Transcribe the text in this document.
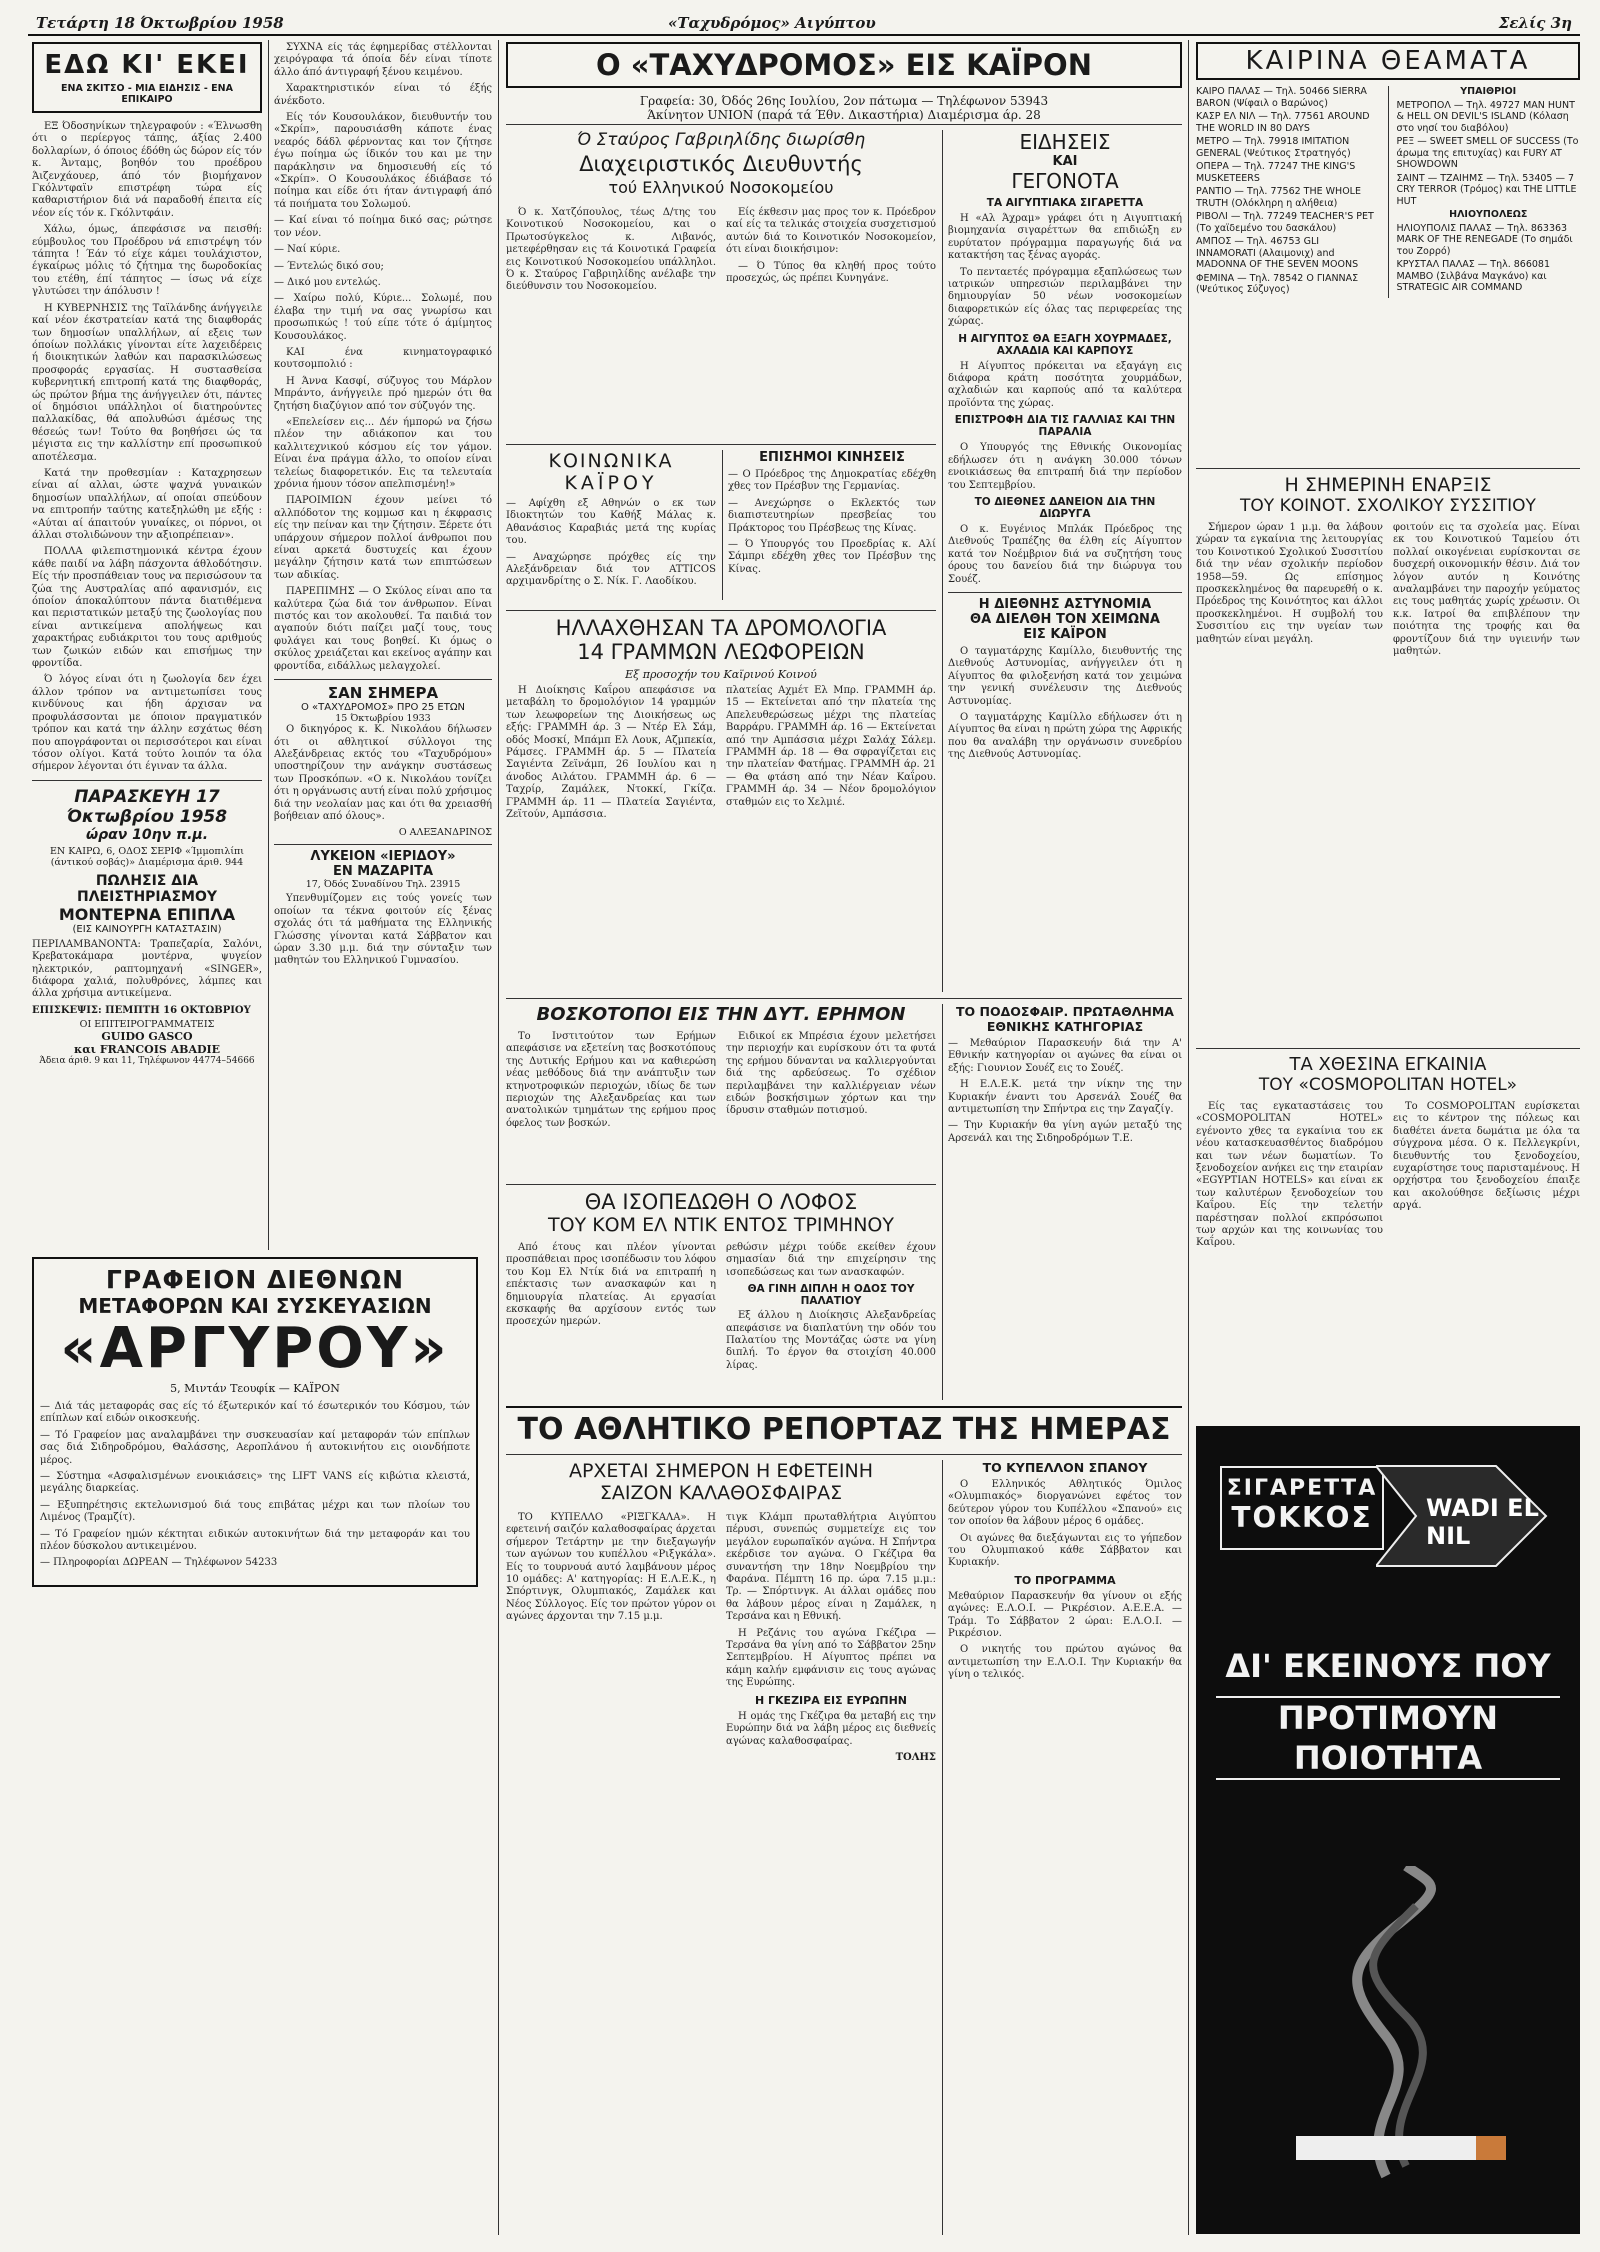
Τετάρτη 18 Όκτωβρίου 1958	«Ταχυδρόμος» Αιγύπτου	Σελίς 3η
ΕΔΩ ΚΙ' ΕΚΕΙ
ΕΝΑ ΣΚΙΤΣΟ - ΜΙΑ ΕΙΔΗΣΙΣ - ΕΝΑ ΕΠΙΚΑΙΡΟ

ΕΞ Όδοσηνίκων τηλεγραφούν : «Έλνωσθη ότι ο περίεργος τάπης, άξίας 2.400 δολλαρίων, ό όποιος έδόθη ώς δώρον είς τόν κ. Άνταμς, βοηθόν του προέδρου Άιζενχάουερ, άπό τόν βιομήχανον Γκόλντφαϊν επιστρέφη τώρα είς καθαριστήριον διά νά παραδοθή έπειτα είς νέον είς τόν κ. Γκόλντφάιν.

Χάλω, όμως, άπεφάσισε να πεισθή: εύμβουλος του Προέδρου νά επιστρέψη τόν τάπητα ! Έάν τό είχε κάμει τουλάχιστον, έγκαίρως μόλις τό ζήτημα της δωροδοκίας του ετέθη, έπί τάπητος — ίσως νά είχε γλυτώσει την άπόλυσιν !

Η ΚΥΒΕΡΝΗΣΙΣ της Ταϊλάνδης άνήγγειλε καί νέον έκστρατείαν κατά της διαφθοράς των δημοσίων υπαλλήλων, αί εξεις των όποίων πολλάκις γίνονται είτε λαχειδέρεις ή διοικητικών λαθών και παρασκιλώσεως προσφοράς εργασίας. Η συστασθείσα κυβερνητική επιτροπή κατά της διαφθοράς, ώς πρώτον βήμα της άνήγγειλεν ότι, πάντες οί δημόσιοι υπάλληλοι οί διατηρούντες παλλακίδας, θά απολυθώσι άμέσως της θέσεώς των! Τούτο θα βοηθήσει ώς τα μέγιστα εις την καλλίστην επί προσωπικού αποτέλεσμα.

Κατά την προθεσμίαν : Καταχρησεων είναι αί αλλαι, ώστε ψαχνά γυναικών δημοσίων υπαλλήλων, αί οποίαι σπεύδουν να επιτροπήν ταύτης κατεξηλώθη με εξής : «Αύται αί άπαιτούν γυναίκες, οι πόρνοι, οι άλλαι στολιδώνουν την αξιοπρέπειαν».

ΠΟΛΛΑ φιλεπιστημονικά κέντρα έχουν κάθε παιδί να λάβη πάσχοντα άθλοδότησιν. Είς τήν προσπάθειαν τους να περισώσουν τα ζώα της Αυστραλίας από αφανισμόν, εις όποίον άποκαλύπτουν πάντα διατιθέμενα και περιστατικών μεταξύ της ζωολογίας που είναι αντικείμενα απολήψεως και χαρακτήρας ευδιάκριτοι του τους αριθμούς των ζωικών ειδών και επισήμως την φροντίδα.

Ό λόγος είναι ότι η ζωολογία δεν έχει άλλον τρόπον να αντιμετωπίσει τους κινδύνους και ήδη άρχισαν να προφυλάσσονται με όποιον πραγματικόν τρόπον και κατά την άλλην εσχάτως θέση που απογράφονται οι περισσότεροι και είναι τόσον ολίγοι. Κατά τούτο λοιπόν τα όλα σήμερον λέγονται ότι έγιναν τα άλλα.

ΠΑΡΑΣΚΕΥΗ 17 Όκτωβρίου 1958
ώραν 10ην π.μ.
ΕΝ ΚΑΙΡΩ, 6, ΟΔΟΣ ΣΕΡΙΦ «Ίμμοπιλίπι (άντικού σοβάς)» Διαμέρισμα άριθ. 944
ΠΩΛΗΣΙΣ ΔΙΑ ΠΛΕΙΣΤΗΡΙΑΣΜΟΥ
ΜΟΝΤΕΡΝΑ ΕΠΙΠΛΑ
(ΕΙΣ ΚΑΙΝΟΥΡΓΗ ΚΑΤΑΣΤΑΣΙΝ)

ΠΕΡΙΛΑΜΒΑΝΟΝΤΑ: Τραπεζαρία, Σαλόνι, Κρεβατοκάμαρα μοντέρνα, ψυγείον ηλεκτρικόν, ραπτομηχανή «SINGER», διάφορα χαλιά, πολυθρόνες, λάμπες και άλλα χρήσιμα αντικείμενα.

ΕΠΙΣΚΕΨΙΣ: ΠΕΜΠΤΗ 16 ΟΚΤΩΒΡΙΟΥ
ΟΙ ΕΠΙΤΕΙΡΟΓΡΑΜΜΑΤΕΙΣ
GUIDO GASCO
και FRANCOIS ABADIE
Άδεια άριθ. 9 και 11, Τηλέφωνον 44774–54666

ΣΥΧΝΑ είς τάς έφημερίδας στέλλονται χειρόγραφα τά όποία δέν είναι τίποτε άλλο άπό άντιγραφή ξένου κειμένου.

Χαρακτηριστικόν είναι τό έξής άνέκδοτο.

Είς τόν Κουσουλάκον, διευθυντήν του «Σκρίπ», παρουσιάσθη κάποτε ένας νεαρός δάδλ φέρνοντας και τον ζήτησε έγω ποίημα ώς ίδικόν του και με την παράκλησιν να δημοσιευθή είς τό «Σκρίπ». Ο Κουσουλάκος έδιάβασε τό ποίημα και είδε ότι ήταν άντιγραφή άπό τά ποιήματα του Σολωμού.

— Καί είναι τό ποίημα δικό σας; ρώτησε τον νέον.

— Ναί κύριε.

— Έντελώς δικό σου;

— Δικό μου εντελώς.

— Χαίρω πολύ, Κύριε... Σολωμέ, που έλαβα την τιμή να σας γνωρίσω και προσωπικώς ! τού είπε τότε ό άμίμητος Κουσουλάκος.

ΚΑΙ ένα κινηματογραφικό κουτσομπολιό :

Η Άννα Κασφί, σύζυγος του Μάρλον Μπράντο, άνήγγειλε πρό ημερών ότι θα ζητήση διαζύγιον από τον σύζυγόν της.

«Επελείσεν εις... Δέν ήμπορώ να ζήσω πλέον την αδιάκοπον και του καλλιτεχνικού κόσμου είς τον γάμον. Είναι ένα πράγμα άλλο, το οποίον είναι τελείως διαφορετικόν. Εις τα τελευταία χρόνια ήμουν τόσον απελπισμένη!»

ΠΑΡΟΙΜΙΩΝ έχουν μείνει τό αλλπόδοτον της κομμωσ και η έκφρασις είς την πείναν και την ζήτησιν. Ξέρετε ότι υπάρχουν σήμερον πολλοί άνθρωποι που είναι αρκετά δυστυχείς και έχουν μεγάλην ζήτησιν κατά των επιπτώσεων των αδικίας.

ΠΑΡΕΠΙΜΗΣ — Ο Σκύλος είναι απο τα καλύτερα ζώα διά τον άνθρωπον. Είναι πιστός και τον ακολουθεί. Τα παιδιά τον αγαπούν διότι παίζει μαζί τους, τους φυλάγει και τους βοηθεί. Κι όμως ο σκύλος χρειάζεται και εκείνος αγάπην και φροντίδα, ειδάλλως μελαγχολεί.

ΣΑΝ ΣΗΜΕΡΑ
Ο «ΤΑΧΥΔΡΟΜΟΣ» ΠΡΟ 25 ΕΤΩΝ
15 Όκτωβρίου 1933

Ο δικηγόρος κ. Κ. Νικολάου δήλωσεν ότι οι αθλητικοί σύλλογοι της Αλεξάνδρειας εκτός του «Ταχυδρόμου» υποστηρίζουν την ανάγκην συστάσεως των Προσκόπων. «Ο κ. Νικολάου τονίζει ότι η οργάνωσις αυτή είναι πολύ χρήσιμος διά την νεολαίαν μας και ότι θα χρειασθή βοήθειαν από όλους».

Ο ΑΛΕΞΑΝΔΡΙΝΟΣ
ΛΥΚΕΙΟΝ «ΙΕΡΙΔΟΥ»
ΕΝ ΜΑΖΑΡΙΤΑ
17, Όδός Συναδίνου Τηλ. 23915

Υπενθυμίζομεν εις τούς γονείς των οποίων τα τέκνα φοιτούν είς ξένας σχολάς ότι τά μαθήματα της Ελληνικής Γλώσσης γίνονται κατά Σάββατον και ώραν 3.30 μ.μ. διά την σύνταξιν των μαθητών του Ελληνικού Γυμνασίου.

ΓΡΑΦΕΙΟΝ ΔΙΕΘΝΩΝ
ΜΕΤΑΦΟΡΩΝ ΚΑΙ ΣΥΣΚΕΥΑΣΙΩΝ
«ΑΡΓΥΡΟΥ»
5, Μιντάν Τεουφίκ — ΚΑΪΡΟΝ

— Διά τάς μεταφοράς σας είς τό έξωτερικόν καί τό έσωτερικόν του Κόσμου, τών επίπλων καί ειδών οικοσκευής.

— Τό Γραφείον μας αναλαμβάνει την συσκευασίαν καί μεταφοράν τών επίπλων σας διά Σιδηροδρόμου, Θαλάσσης, Αεροπλάνου ή αυτοκινήτου εις οιονδήποτε μέρος.

— Σύστημα «Ασφαλισμένων ενοικιάσεις» της LIFT VANS είς κιβώτια κλειστά, μεγάλης διαρκείας.

— Εξυπηρέτησις εκτελωνισμού διά τους επιβάτας μέχρι και των πλοίων του Λιμένος (Τραμζίτ).

— Τό Γραφείον ημών κέκτηται ειδικών αυτοκινήτων διά την μεταφοράν και του πλέον δύσκολου αντικειμένου.

— Πληροφορίαι ΔΩΡΕΑΝ — Τηλέφωνον 54233

Ο «ΤΑΧΥΔΡΟΜΟΣ» ΕΙΣ ΚΑΪΡΟΝ
Γραφεία: 30, Όδός 26ης Ιουλίου, 2ον πάτωμα — Τηλέφωνον 53943
Άκίνητον UNION (παρά τά Έθν. Δικαστήρια) Διαμέρισμα άρ. 28
Ό Σταύρος Γαβριηλίδης διωρίσθη
Διαχειριστικός Διευθυντής
τού Ελληνικού Νοσοκομείου

Ό κ. Χατζόπουλος, τέως Δ/της του Κοινοτικού Νοσοκομείου, και ο Πρωτοσύγκελος κ. Λιβανός, μετεφέρθησαν εις τά Κοινοτικά Γραφεία εις Κοινοτικού Νοσοκομείου υπάλληλοι. Ό κ. Σταύρος Γαβριηλίδης ανέλαβε την διεύθυνσιν του Νοσοκομείου.

Είς έκθεσιν μας προς τον κ. Πρόεδρον καί είς τα τελικάς στοιχεία συσχετισμού αυτών διά το Κοινοτικόν Νοσοκομείον, ότι είναι διοικήσιμον:

— Ό Τύπος θα κληθή προς τούτο προσεχώς, ώς πρέπει Κυνηγάνε.

ΚΟΙΝΩΝΙΚΑ
ΚΑΪΡΟΥ

— Αφίχθη εξ Αθηνών ο εκ των Ιδιοκτητών του Καθήξ Μάλας κ. Αθανάσιος Καραβιάς μετά της κυρίας του.

— Αναχώρησε πρόχθες είς την Αλεξάνδρειαν διά τον ATTICOS αρχιμανδρίτης ο Σ. Νίκ. Γ. Λαοδίκου.

ΕΠΙΣΗΜΟΙ ΚΙΝΗΣΕΙΣ

— Ο Πρόεδρος της Δημοκρατίας εδέχθη χθες τον Πρέσβυν της Γερμανίας.

— Ανεχώρησε ο Εκλεκτός των διαπιστευτηρίων πρεσβείας του Πράκτορος του Πρέσβεως της Κίνας.

— Ό Υπουργός του Προεδρίας κ. Αλί Σάμπρι εδέχθη χθες τον Πρέσβυν της Κίνας.

ΗΛΛΑΧΘΗΣΑΝ ΤΑ ΔΡΟΜΟΛΟΓΙΑ
14 ΓΡΑΜΜΩΝ ΛΕΩΦΟΡΕΙΩΝ
Εξ προσοχήν του Καϊρινού Κοινού

Η Διοίκησις Καΐρου απεφάσισε να μεταβάλη το δρομολόγιον 14 γραμμών των λεωφορείων της Διοικήσεως ως εξής: ΓΡΑΜΜΗ άρ. 3 — Ντέρ Ελ Σάμ, οδός Μοσκί, Μπάμπ Ελ Λουκ, Αζμπεκία, Ράμσες. ΓΡΑΜΜΗ άρ. 5 — Πλατεία Σαγιέντα Ζεϊνάμπ, 26 Ιουλίου και η άνοδος Αιλάτου. ΓΡΑΜΜΗ άρ. 6 — Ταχρίρ, Ζαμάλεκ, Ντοκκί, Γκίζα. ΓΡΑΜΜΗ άρ. 11 — Πλατεία Σαγιέντα, Ζεϊτούν, Αμπάσσια.

πλατείας Αχμέτ Ελ Μπρ. ΓΡΑΜΜΗ άρ. 15 — Εκτείνεται από την πλατεία της Απελευθερώσεως μέχρι της πλατείας Βαρράρυ. ΓΡΑΜΜΗ άρ. 16 — Εκτείνεται από την Αμπάσσια μέχρι Σαλάχ Σάλεμ. ΓΡΑΜΜΗ άρ. 18 — Θα σφραγίζεται εις την πλατείαν Φατήμας. ΓΡΑΜΜΗ άρ. 21 — Θα φτάση από την Νέαν Καΐρου. ΓΡΑΜΜΗ άρ. 34 — Νέον δρομολόγιον σταθμών εις το Χελμιέ.

ΒΟΣΚΟΤΟΠΟΙ ΕΙΣ ΤΗΝ ΔΥΤ. ΕΡΗΜΟΝ

Το Ινστιτούτον των Ερήμων απεφάσισε να εξετείνη τας βοσκοτόπους της Δυτικής Ερήμου και να καθιερώση νέας μεθόδους διά την ανάπτυξιν των κτηνοτροφικών περιοχών, ιδίως δε των περιοχών της Αλεξανδρείας και των ανατολικών τμημάτων της ερήμου προς όφελος των βοσκών.

Ειδικοί εκ Μπρέσια έχουν μελετήσει την περιοχήν και ευρίσκουν ότι τα φυτά της ερήμου δύνανται να καλλιεργούνται διά της αρδεύσεως. Το σχέδιον περιλαμβάνει την καλλιέργειαν νέων ειδών βοσκήσιμων χόρτων και την ίδρυσιν σταθμών ποτισμού.

ΘΑ ΙΣΟΠΕΔΩΘΗ Ο ΛΟΦΟΣ
ΤΟΥ ΚΟΜ ΕΛ ΝΤΙΚ ΕΝΤΟΣ ΤΡΙΜΗΝΟΥ

Από έτους και πλέον γίνονται προσπάθειαι προς ισοπέδωσιν του λόφου του Κομ Ελ Ντίκ διά να επιτραπή η επέκτασις των ανασκαφών και η δημιουργία πλατείας. Αι εργασίαι εκσκαφής θα αρχίσουν εντός των προσεχών ημερών.

ρεθώσιν μέχρι τούδε εκείθεν έχουν σημασίαν διά την επιχείρησιν της ισοπεδώσεως και των ανασκαφών.

ΘΑ ΓΙΝΗ ΔΙΠΛΗ Η ΟΔΟΣ ΤΟΥ ΠΑΛΑΤΙΟΥ

Εξ άλλου η Διοίκησις Αλεξανδρείας απεφάσισε να διαπλατύνη την οδόν του Παλατίου της Μοντάζας ώστε να γίνη διπλή. Το έργον θα στοιχίση 40.000 λίρας.

ΕΙΔΗΣΕΙΣ
ΚΑΙ
ΓΕΓΟΝΟΤΑ
ΤΑ ΑΙΓΥΠΤΙΑΚΑ ΣΙΓΑΡΕΤΤΑ

Η «Αλ Άχραμ» γράφει ότι η Αιγυπτιακή βιομηχανία σιγαρέττων θα επιδιώξη εν ευρύτατον πρόγραμμα παραγωγής διά να κατακτήση τας ξένας αγοράς.

Το πενταετές πρόγραμμα εξαπλώσεως των ιατρικών υπηρεσιών περιλαμβάνει την δημιουργίαν 50 νέων νοσοκομείων διαφορετικών είς όλας τας περιφερείας της χώρας.

Η ΑΙΓΥΠΤΟΣ ΘΑ ΕΞΑΓΗ ΧΟΥΡΜΑΔΕΣ, ΑΧΛΑΔΙΑ ΚΑΙ ΚΑΡΠΟΥΣ

Η Αίγυπτος πρόκειται να εξαγάγη εις διάφορα κράτη ποσότητα χουρμάδων, αχλαδιών και καρπούς από τα καλύτερα προϊόντα της χώρας.

ΕΠΙΣΤΡΟΦΗ ΔΙΑ ΤΙΣ ΓΑΛΛΙΑΣ ΚΑΙ ΤΗΝ ΠΑΡΑΛΙΑ

Ο Υπουργός της Εθνικής Οικονομίας εδήλωσεν ότι η ανάγκη 30.000 τόνων ενοικιάσεως θα επιτραπή διά την περίοδον του Σεπτεμβρίου.

ΤΟ ΔΙΕΘΝΕΣ ΔΑΝΕΙΟΝ ΔΙΑ ΤΗΝ ΔΙΩΡΥΓΑ

Ο κ. Ευγένιος Μπλάκ Πρόεδρος της Διεθνούς Τραπέζης θα έλθη είς Αίγυπτον κατά τον Νοέμβριον διά να συζητήση τους όρους του δανείου διά την διώρυγα του Σουέζ.

Η ΔΙΕΘΝΗΣ ΑΣΤΥΝΟΜΙΑ
ΘΑ ΔΙΕΛΘΗ ΤΟΝ ΧΕΙΜΩΝΑ
ΕΙΣ ΚΑΪΡΟΝ

Ο ταγματάρχης Καμίλλο, διευθυντής της Διεθνούς Αστυνομίας, ανήγγειλεν ότι η Αίγυπτος θα φιλοξενήση κατά τον χειμώνα την γενική συνέλευσιν της Διεθνούς Αστυνομίας.

Ο ταγματάρχης Καμίλλο εδήλωσεν ότι η Αίγυπτος θα είναι η πρώτη χώρα της Αφρικής που θα αναλάβη την οργάνωσιν συνεδρίου της Διεθνούς Αστυνομίας.

ΤΟ ΠΟΔΟΣΦΑΙΡ. ΠΡΩΤΑΘΛΗΜΑ
ΕΘΝΙΚΗΣ ΚΑΤΗΓΟΡΙΑΣ

— Μεθαύριον Παρασκευήν διά την Α' Εθνικήν κατηγορίαν οι αγώνες θα είναι οι εξής: Γιουνιον Σουέζ εις το Σουέζ.

Η Ε.Λ.Ε.Κ. μετά την νίκην της την Κυριακήν έναντι του Αρσενάλ Σουέζ θα αντιμετωπίση την Σπήντρα εις την Ζαγαζίγ.

— Την Κυριακήν θα γίνη αγών μεταξύ της Αρσενάλ και της Σιδηροδρόμων Τ.Ε.

ΤΟ ΑΘΛΗΤΙΚΟ ΡΕΠΟΡΤΑΖ ΤΗΣ ΗΜΕΡΑΣ
ΑΡΧΕΤΑΙ ΣΗΜΕΡΟΝ Η ΕΦΕΤΕΙΝΗ
ΣΑΙΖΟΝ ΚΑΛΑΘΟΣΦΑΙΡΑΣ

ΤΟ ΚΥΠΕΛΛΟ «ΡΙΞΓΚΑΛΑ». Η εφετεινή σαιζόν καλαθοσφαίρας άρχεται σήμερον Τετάρτην με την διεξαγωγήν των αγώνων του κυπέλλου «Ριξγκάλα». Είς το τουρνουά αυτό λαμβάνουν μέρος 10 ομάδες: Α' κατηγορίας: Η Ε.Λ.Ε.Κ., η Σπόρτινγκ, Ολυμπιακός, Ζαμάλεκ και Νέος Σύλλογος. Είς τον πρώτον γύρον οι αγώνες άρχονται την 7.15 μ.μ.

τιγκ Κλάμπ πρωταθλήτρια Αιγύπτου πέρυσι, συνεπώς συμμετείχε εις τον μεγάλον ευρωπαϊκόν αγώνα. Η Σπήντρα εκέρδισε τον αγώνα. Ο Γκέζιρα θα συναντήση την 18ην Νοεμβρίου την Φαράνα. Πέμπτη 16 πρ. ώρα 7.15 μ.μ.: Τρ. — Σπόρτινγκ. Αι άλλαι ομάδες που θα λάβουν μέρος είναι η Ζαμάλεκ, η Τερσάνα και η Εθνική.

Η Ρεζάνις του αγώνα Γκέζιρα — Τερσάνα θα γίνη από το Σάββατον 25ην Σεπτεμβρίου. Η Αίγυπτος πρέπει να κάμη καλήν εμφάνισιν εις τους αγώνας της Ευρώπης.

Η ΓΚΕΖΙΡΑ ΕΙΣ ΕΥΡΩΠΗΝ

Η ομάς της Γκέζιρα θα μεταβή εις την Ευρώπην διά να λάβη μέρος εις διεθνείς αγώνας καλαθοσφαίρας.

ΤΟΛΗΣ
ΤΟ ΚΥΠΕΛΛΟΝ ΣΠΑΝΟΥ

Ο Ελληνικός Αθλητικός Όμιλος «Ολυμπιακός» διοργανώνει εφέτος τον δεύτερον γύρον του Κυπέλλου «Σπανού» εις τον οποίον θα λάβουν μέρος 6 ομάδες.

Οι αγώνες θα διεξάγωνται εις το γήπεδον του Ολυμπιακού κάθε Σάββατον και Κυριακήν.

ΤΟ ΠΡΟΓΡΑΜΜΑ

Μεθαύριον Παρασκευήν θα γίνουν οι εξής αγώνες: Ε.Λ.Ο.Ι. — Ρικρέσιον. Α.Ε.Ε.Α. — Τράμ. Το Σάββατον 2 ώραι: Ε.Λ.Ο.Ι. — Ρικρέσιον.

Ο νικητής του πρώτου αγώνος θα αντιμετωπίση την Ε.Λ.Ο.Ι. Την Κυριακήν θα γίνη ο τελικός.

ΚΑΙΡΙΝΑ ΘΕΑΜΑΤΑ
ΚΑΙΡΟ ΠΑΛΑΣ — Τηλ. 50466 SIERRA BARON (Ψίφαιλ ο Βαρώνος)
ΚΑΣΡ ΕΛ ΝΙΛ — Τηλ. 77561 AROUND THE WORLD IN 80 DAYS
ΜΕΤΡΟ — Τηλ. 79918 IMITATION GENERAL (Ψεύτικος Στρατηγός)
ΟΠΕΡΑ — Τηλ. 77247 THE KING'S MUSKETEERS
ΡΑΝΤΙΟ — Τηλ. 77562 THE WHOLE TRUTH (Ολόκληρη η αλήθεια)
ΡΙΒΟΛΙ — Τηλ. 77249 TEACHER'S PET (Το χαϊδεμένο του δασκάλου)
ΑΜΠΟΣ — Τηλ. 46753 GLI INNAMORATI (Αλαιμονιχ) and MADONNA OF THE SEVEN MOONS
ΦΕΜΙΝΑ — Τηλ. 78542 Ο ΓΙΑΝΝΑΣ (Ψεύτικος Σύζυγος)
ΥΠΑΙΘΡΙΟΙ
ΜΕΤΡΟΠΟΛ — Τηλ. 49727 MAN HUNT & HELL ON DEVIL'S ISLAND (Κόλαση στο νησί του διαβόλου)
ΡΕΞ — SWEET SMELL OF SUCCESS (Το άρωμα της επιτυχίας) και FURY AT SHOWDOWN
ΣΑΙΝΤ — ΤΖΑΙΗΜΣ — Τηλ. 53405 — 7 CRY TERROR (Τρόμος) και THE LITTLE HUT
ΗΛΙΟΥΠΟΛΕΩΣ
ΗΛΙΟΥΠΟΛΙΣ ΠΑΛΑΣ — Τηλ. 863363 MARK OF THE RENEGADE (Το σημάδι του Ζορρό)
ΚΡΥΣΤΑΛ ΠΑΛΑΣ — Τηλ. 866081 MAMBO (Σιλβάνα Μαγκάνο) και STRATEGIC AIR COMMAND
Η ΣΗΜΕΡΙΝΗ ΕΝΑΡΞΙΣ
ΤΟΥ ΚΟΙΝΟΤ. ΣΧΟΛΙΚΟΥ ΣΥΣΣΙΤΙΟΥ

Σήμερον ώραν 1 μ.μ. θα λάβουν χώραν τα εγκαίνια της λειτουργίας του Κοινοτικού Σχολικού Συσσιτίου διά την νέαν σχολικήν περίοδον 1958—59. Ως επίσημος προσκεκλημένος θα παρευρεθή ο κ. Πρόεδρος της Κοινότητος και άλλοι προσκεκλημένοι. Η συμβολή του Συσσιτίου εις την υγείαν των μαθητών είναι μεγάλη.

φοιτούν εις τα σχολεία μας. Είναι εκ του Κοινοτικού Ταμείου ότι πολλαί οικογένειαι ευρίσκονται σε δυσχερή οικονομικήν θέσιν. Διά τον λόγον αυτόν η Κοινότης αναλαμβάνει την παροχήν γεύματος εις τους μαθητάς χωρίς χρέωσιν. Οι κ.κ. Ιατροί θα επιβλέπουν την ποιότητα της τροφής και θα φροντίζουν διά την υγιεινήν των μαθητών.

ΤΑ ΧΘΕΣΙΝΑ ΕΓΚΑΙΝΙΑ
ΤΟΥ «COSMOPOLITAN HOTEL»

Είς τας εγκαταστάσεις του «COSMOPOLITAN HOTEL» εγένοντο χθες τα εγκαίνια του εκ νέου κατασκευασθέντος διαδρόμου και των νέων δωματίων. Το ξενοδοχείον ανήκει εις την εταιρίαν «EGYPTIAN HOTELS» και είναι εκ των καλυτέρων ξενοδοχείων του Καΐρου. Είς την τελετήν παρέστησαν πολλοί εκπρόσωποι των αρχών και της κοινωνίας του Καΐρου.

Το COSMOPOLITAN ευρίσκεται εις το κέντρον της πόλεως και διαθέτει άνετα δωμάτια με όλα τα σύγχρονα μέσα. Ο κ. Πελλεγκρίνι, διευθυντής του ξενοδοχείου, ευχαρίστησε τους παρισταμένους. Η ορχήστρα του ξενοδοχείου έπαιξε και ακολούθησε δεξίωσις μέχρι αργά.

ΣΙΓΑΡΕΤΤΑ
ΤΟΚΚΟΣ	WADI EL NIL
ΔΙ' ΕΚΕΙΝΟΥΣ ΠΟΥ
ΠΡΟΤΙΜΟΥΝ ΠΟΙΟΤΗΤΑ
